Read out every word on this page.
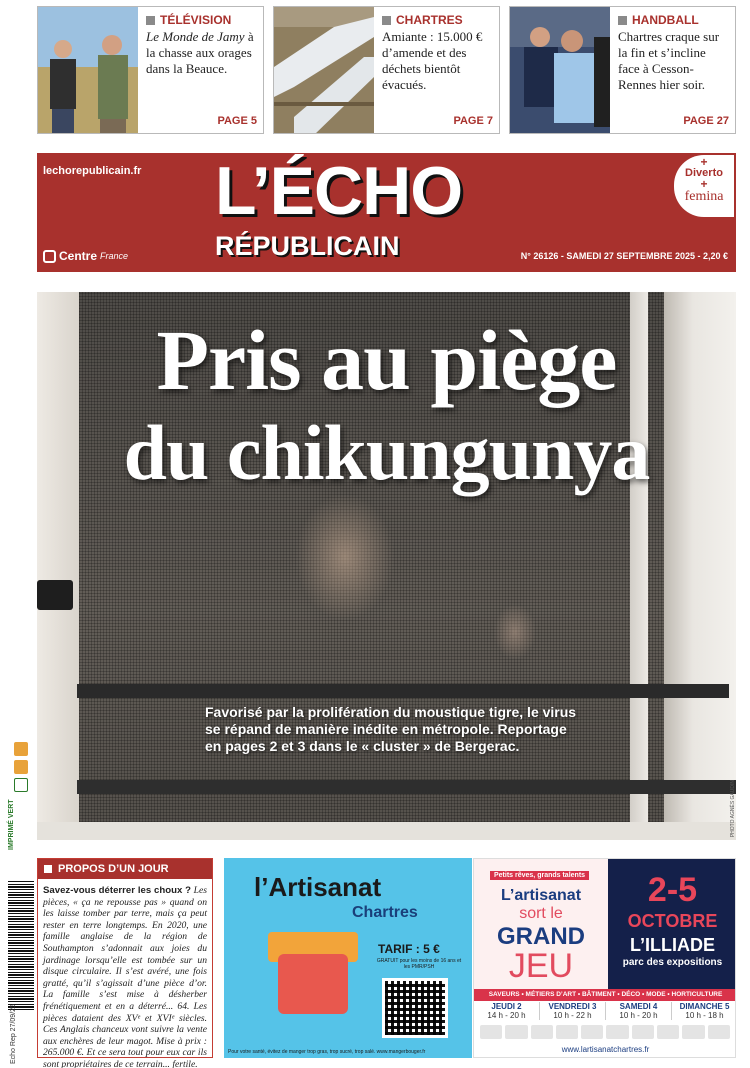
TÉLÉVISION
Le Monde de Jamy à la chasse aux orages dans la Beauce.
PAGE 5
CHARTRES
Amiante : 15.000 € d’amende et des déchets bientôt évacués.
PAGE 7
HANDBALL
Chartres craque sur la fin et s’incline face à Cesson-Rennes hier soir.
PAGE 27
lechorepublicain.fr L’ÉCHO
RÉPUBLICAIN
Centre France	N° 26126 - SAMEDI 27 SEPTEMBRE 2025 - 2,20 €
+
Diverto
+
femina
Pris au piège
du chikungunya
Favorisé par la prolifération du moustique tigre, le virus se répand de manière inédite en métropole. Reportage en pages 2 et 3 dans le « cluster » de Bergerac.
PHOTO AGNÈS GAUDIN
IMPRIMÉ VERT
Echo Rep 27/09/25
PROPOS D’UN JOUR
Savez-vous déterrer les choux ? Les pièces, « ça ne repousse pas » quand on les laisse tomber par terre, mais ça peut rester en terre longtemps. En 2020, une famille anglaise de la région de Southampton s’adonnait aux joies du jardinage lorsqu’elle est tombée sur un disque circulaire. Il s’est avéré, une fois gratté, qu’il s’agissait d’une pièce d’or. La famille s’est mise à désherber frénétiquement et en a déterré... 64. Les pièces dataient des XVᵉ et XVIᵉ siècles. Ces Anglais chanceux vont suivre la vente aux enchères de leur magot. Mise à prix : 265.000 €. Et ce sera tout pour eux car ils sont propriétaires de ce terrain... fertile.
l’Artisanat
Chartres
TARIF : 5 €
GRATUIT pour les moins de 16 ans et les PMR/PSH
Pour votre santé, évitez de manger trop gras, trop sucré, trop salé. www.mangerbouger.fr
Petits rêves, grands talents
L’artisanat
sort le
GRAND
JEU
2-5
OCTOBRE
L’ILLIADE
parc des expositions
SAVEURS • MÉTIERS D’ART • BÂTIMENT • DÉCO • MODE • HORTICULTURE
JEUDI 2
14 h - 20 h
VENDREDI 3
10 h - 22 h
SAMEDI 4
10 h - 20 h
DIMANCHE 5
10 h - 18 h
www.lartisanatchartres.fr
